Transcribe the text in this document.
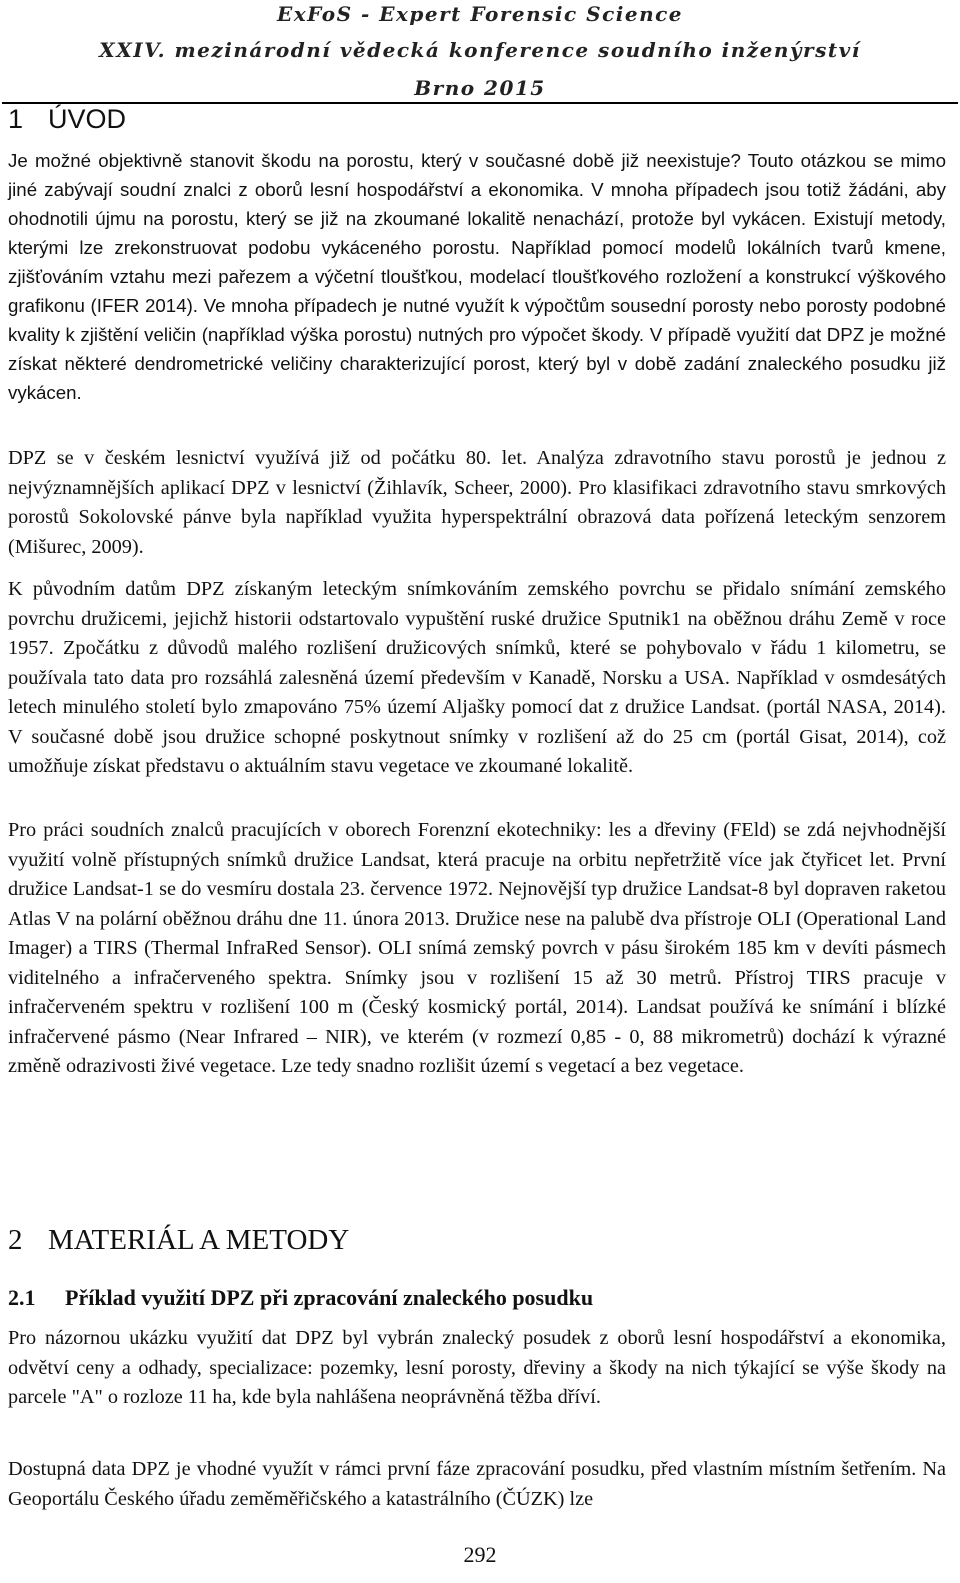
ExFoS - Expert Forensic Science
XXIV. mezinárodní vědecká konference soudního inženýrství
Brno 2015
1 ÚVOD

Je možné objektivně stanovit škodu na porostu, který v současné době již neexistuje? Touto otázkou se mimo jiné zabývají soudní znalci z oborů lesní hospodářství a ekonomika. V mnoha případech jsou totiž žádáni, aby ohodnotili újmu na porostu, který se již na zkoumané lokalitě nenachází, protože byl vykácen. Existují metody, kterými lze zrekonstruovat podobu vykáceného porostu. Například pomocí modelů lokálních tvarů kmene, zjišťováním vztahu mezi pařezem a výčetní tloušťkou, modelací tloušťkového rozložení a konstrukcí výškového grafikonu (IFER 2014). Ve mnoha případech je nutné využít k výpočtům sousední porosty nebo porosty podobné kvality k zjištění veličin (například výška porostu) nutných pro výpočet škody. V případě využití dat DPZ je možné získat některé dendrometrické veličiny charakterizující porost, který byl v době zadání znaleckého posudku již vykácen.

DPZ se v českém lesnictví využívá již od počátku 80. let. Analýza zdravotního stavu porostů je jednou z nejvýznamnějších aplikací DPZ v lesnictví (Žihlavík, Scheer, 2000). Pro klasifikaci zdravotního stavu smrkových porostů Sokolovské pánve byla například využita hyperspektrální obrazová data pořízená leteckým senzorem (Mišurec, 2009).

K původním datům DPZ získaným leteckým snímkováním zemského povrchu se přidalo snímání zemského povrchu družicemi, jejichž historii odstartovalo vypuštění ruské družice Sputnik1 na oběžnou dráhu Země v roce 1957. Zpočátku z důvodů malého rozlišení družicových snímků, které se pohybovalo v řádu 1 kilometru, se používala tato data pro rozsáhlá zalesněná území především v Kanadě, Norsku a USA. Například v osmdesátých letech minulého století bylo zmapováno 75% území Aljašky pomocí dat z družice Landsat. (portál NASA, 2014). V současné době jsou družice schopné poskytnout snímky v rozlišení až do 25 cm (portál Gisat, 2014), což umožňuje získat představu o aktuálním stavu vegetace ve zkoumané lokalitě.

Pro práci soudních znalců pracujících v oborech Forenzní ekotechniky: les a dřeviny (FEld) se zdá nejvhodnější využití volně přístupných snímků družice Landsat, která pracuje na orbitu nepřetržitě více jak čtyřicet let. První družice Landsat-1 se do vesmíru dostala 23. července 1972. Nejnovější typ družice Landsat-8 byl dopraven raketou Atlas V na polární oběžnou dráhu dne 11. února 2013. Družice nese na palubě dva přístroje OLI (Operational Land Imager) a TIRS (Thermal InfraRed Sensor). OLI snímá zemský povrch v pásu širokém 185 km v devíti pásmech viditelného a infračerveného spektra. Snímky jsou v rozlišení 15 až 30 metrů. Přístroj TIRS pracuje v infračerveném spektru v rozlišení 100 m (Český kosmický portál, 2014). Landsat používá ke snímání i blízké infračervené pásmo (Near Infrared – NIR), ve kterém (v rozmezí 0,85 - 0, 88 mikrometrů) dochází k výrazné změně odrazivosti živé vegetace. Lze tedy snadno rozlišit území s vegetací a bez vegetace.

2 MATERIÁL A METODY
2.1 Příklad využití DPZ při zpracování znaleckého posudku

Pro názornou ukázku využití dat DPZ byl vybrán znalecký posudek z oborů lesní hospodářství a ekonomika, odvětví ceny a odhady, specializace: pozemky, lesní porosty, dřeviny a škody na nich týkající se výše škody na parcele "A" o rozloze 11 ha, kde byla nahlášena neoprávněná těžba dříví.

Dostupná data DPZ je vhodné využít v rámci první fáze zpracování posudku, před vlastním místním šetřením. Na Geoportálu Českého úřadu zeměměřičského a katastrálního (ČÚZK) lze

292
